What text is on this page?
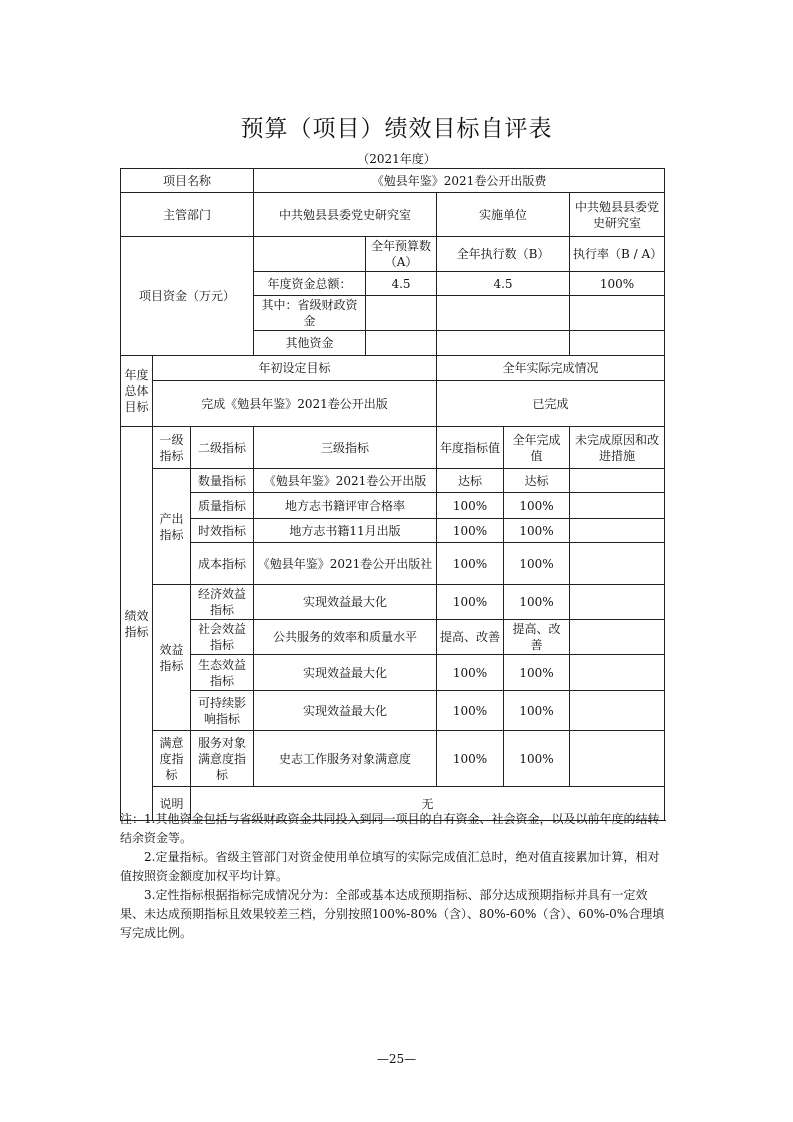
预算（项目）绩效目标自评表
（2021年度）
项目名称			《勉县年鉴》2021卷公开出版费				
主管部门			中共勉县县委党史研究室		实施单位		中共勉县县委党史研究室
项目资金（万元）				全年预算数（A）	全年执行数（B）		执行率（B / A）
			年度资金总额：	4.5	4.5		100%
			其中：省级财政资金				
			其他资金				
年度总体目标	年初设定目标				全年实际完成情况		
	完成《勉县年鉴》2021卷公开出版				已完成		
绩效指标	一级指标	二级指标	三级指标		年度指标值	全年完成值	未完成原因和改进措施
	产出指标	数量指标	《勉县年鉴》2021卷公开出版		达标	达标	
		质量指标	地方志书籍评审合格率		100%	100%	
		时效指标	地方志书籍11月出版		100%	100%	
		成本指标	《勉县年鉴》2021卷公开出版社		100%	100%	
	效益指标	经济效益指标	实现效益最大化		100%	100%	
		社会效益指标	公共服务的效率和质量水平		提高、改善	提高、改善	
		生态效益指标	实现效益最大化		100%	100%	
		可持续影响指标	实现效益最大化		100%	100%	
	满意度指标	服务对象满意度指标	史志工作服务对象满意度		100%	100%	
	说明	无					

注：1.其他资金包括与省级财政资金共同投入到同一项目的自有资金、社会资金，以及以前年度的结转结余资金等。

2.定量指标。省级主管部门对资金使用单位填写的实际完成值汇总时，绝对值直接累加计算，相对值按照资金额度加权平均计算。

3.定性指标根据指标完成情况分为：全部或基本达成预期指标、部分达成预期指标并具有一定效果、未达成预期指标且效果较差三档，分别按照100%-80%（含）、80%-60%（含）、60%-0%合理填写完成比例。

—25—
